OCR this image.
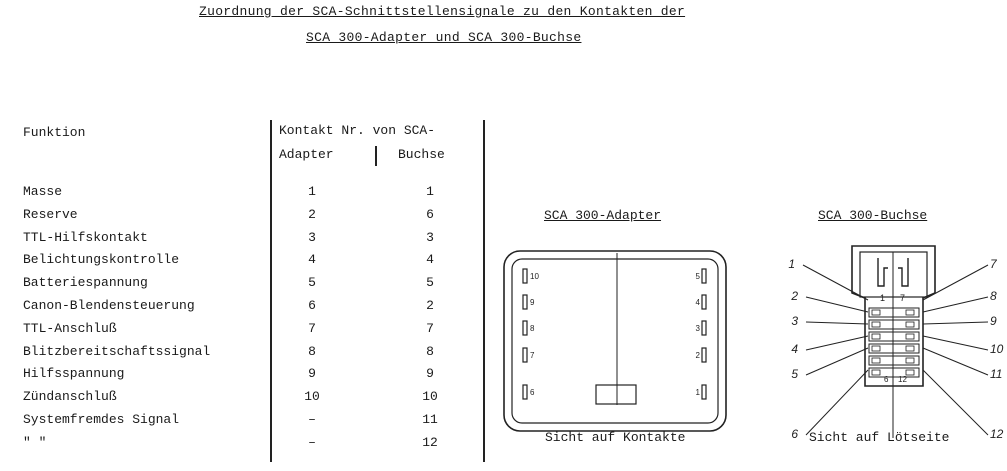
Zuordnung der SCA-Schnittstellensignale zu den Kontakten der
SCA 300-Adapter und SCA 300-Buchse
Funktion	Kontakt Nr. von SCA-
Adapter	Buchse
Masse	1	1
Reserve	2	6
TTL-Hilfskontakt	3	3
Belichtungskontrolle	4	4
Batteriespannung	5	5
Canon-Blendensteuerung	6	2
TTL-Anschluß	7	7
Blitzbereitschaftssignal	8	8
Hilfsspannung	9	9
Zündanschluß	10	10
Systemfremdes Signal	–	11
" "	–	12
SCA 300-Adapter
10
9
8
7
6
5
4
3
2
1
Sicht auf Kontakte
SCA 300-Buchse
1 7
6 12
1
2
3
4
5
6
7
8
9
10
11
12
Sicht auf Lötseite
